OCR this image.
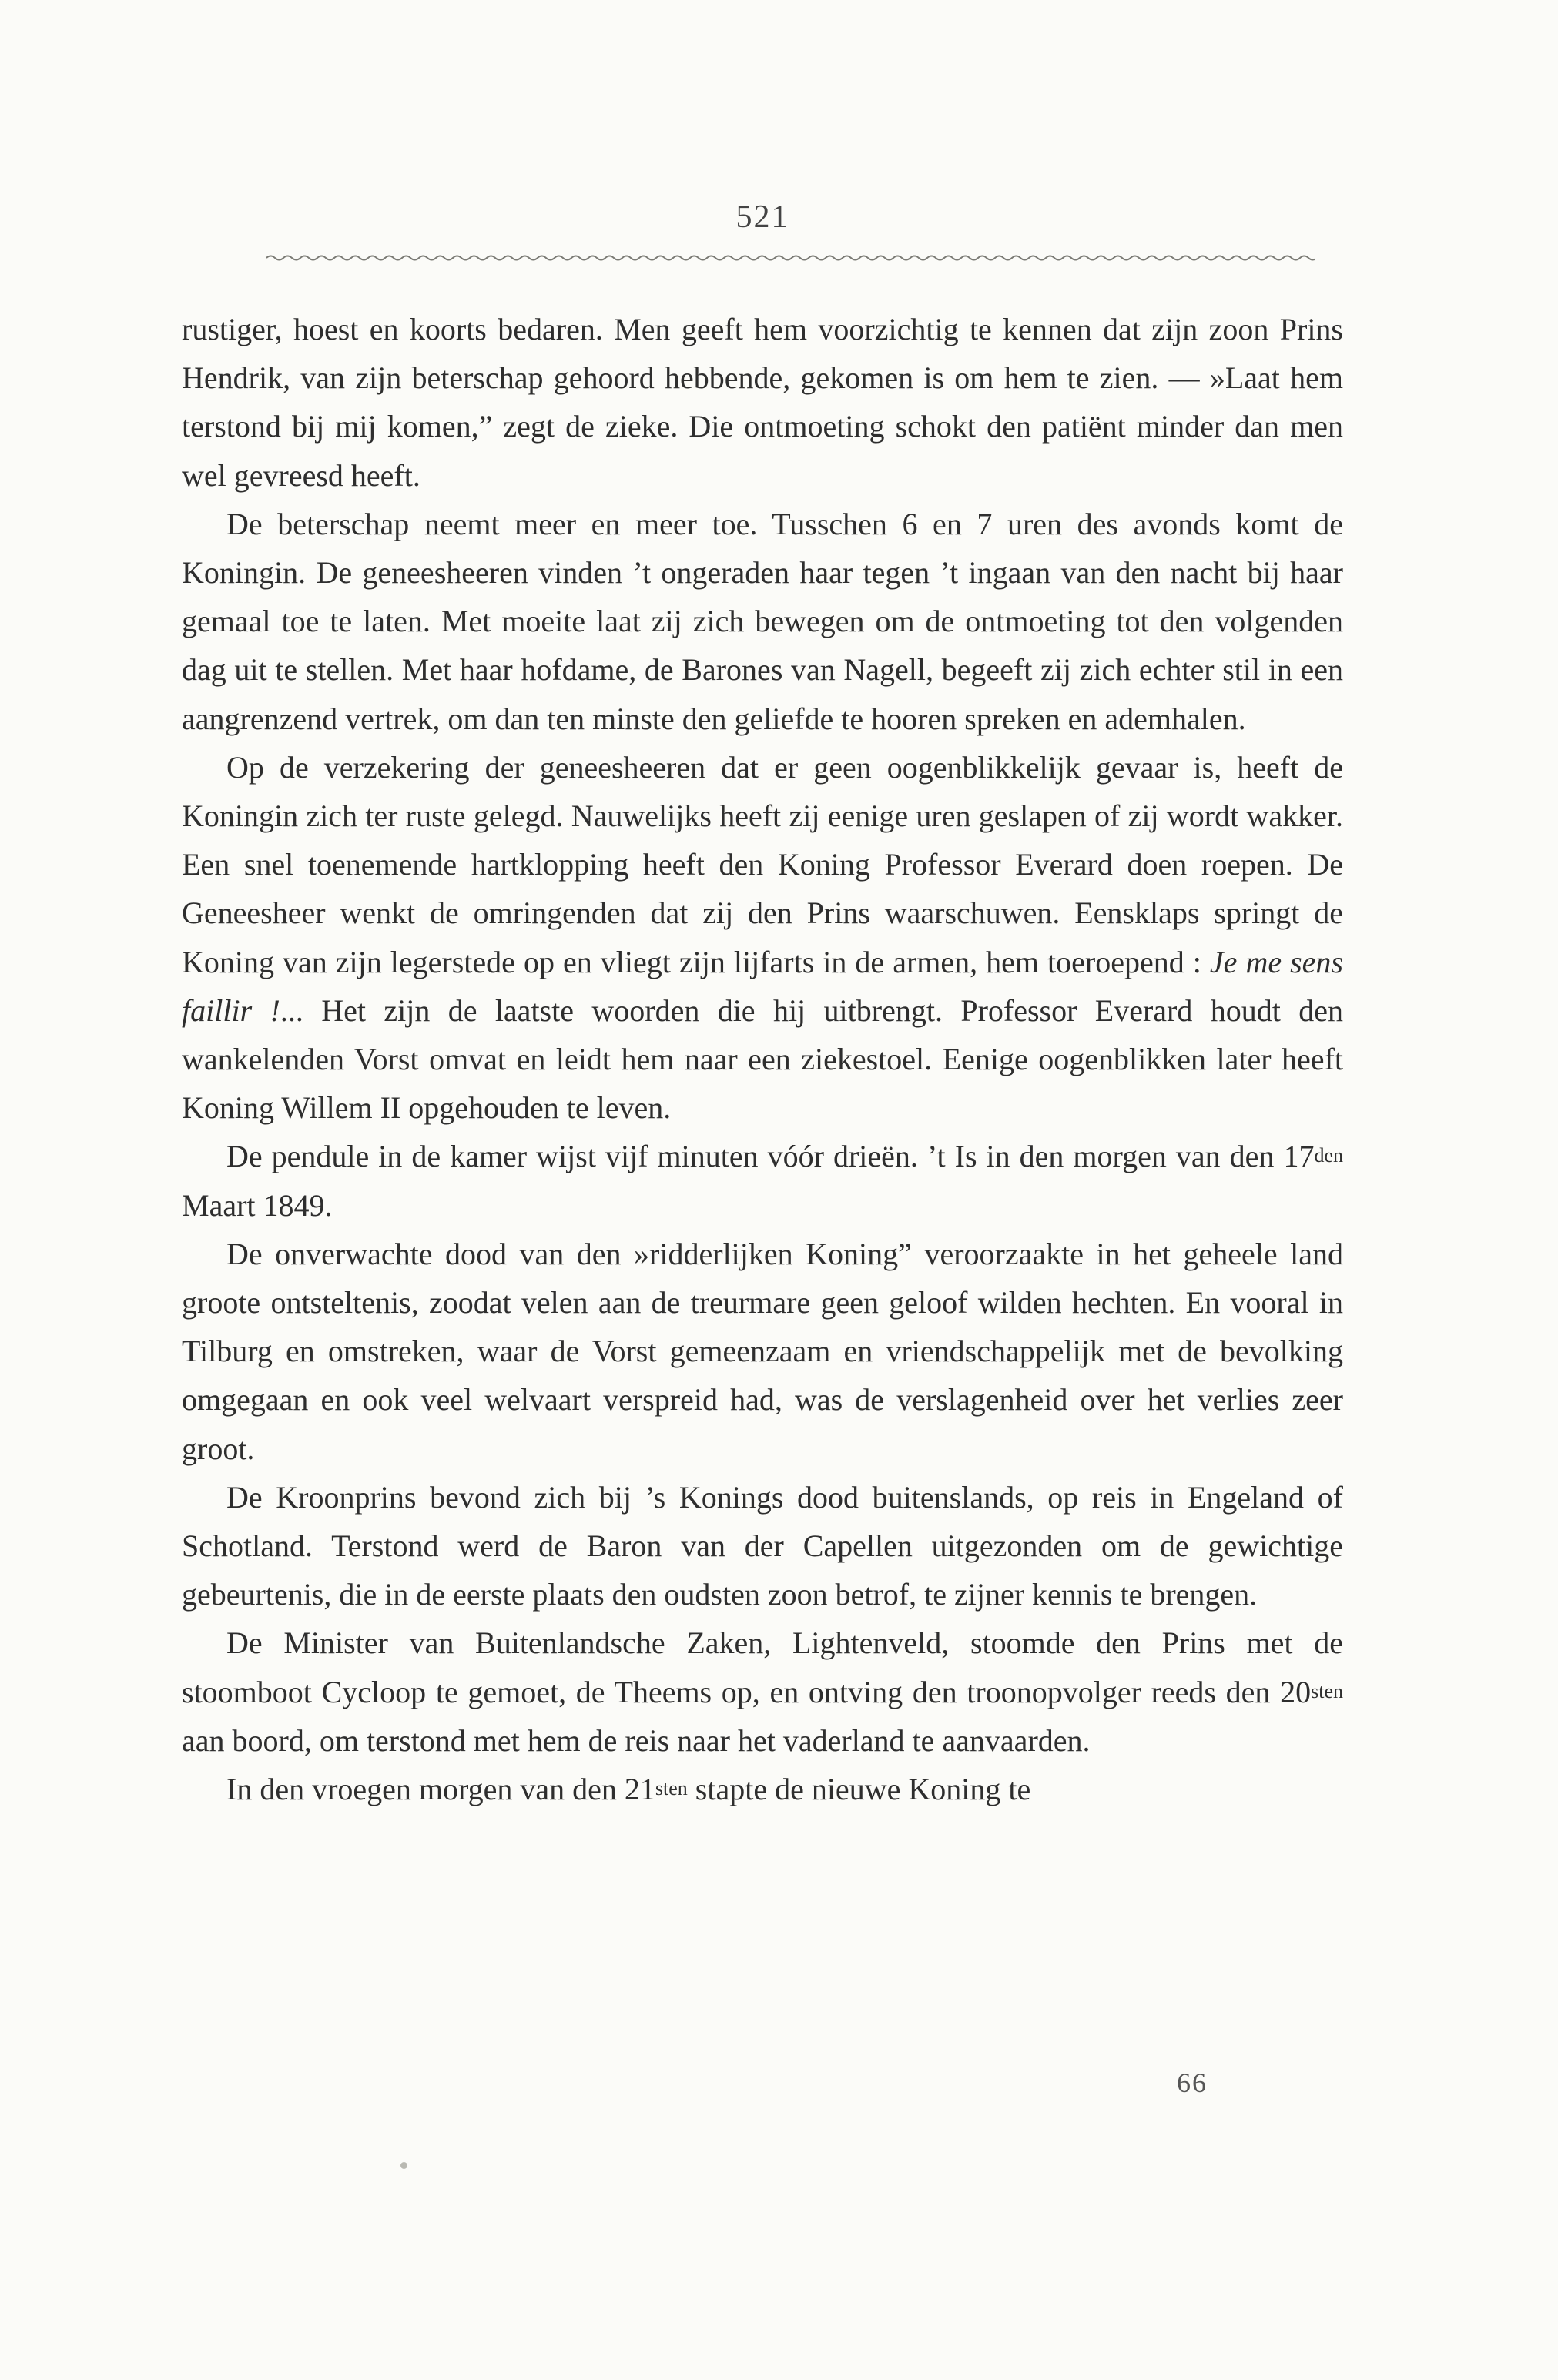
521

rustiger, hoest en koorts bedaren. Men geeft hem voorzichtig te kennen dat zijn zoon Prins Hendrik, van zijn beterschap gehoord hebbende, gekomen is om hem te zien. — »Laat hem terstond bij mij komen,” zegt de zieke. Die ontmoeting schokt den patiënt minder dan men wel gevreesd heeft.

De beterschap neemt meer en meer toe. Tusschen 6 en 7 uren des avonds komt de Koningin. De geneesheeren vinden ’t ongeraden haar tegen ’t ingaan van den nacht bij haar gemaal toe te laten. Met moeite laat zij zich bewegen om de ontmoeting tot den volgenden dag uit te stellen. Met haar hofdame, de Barones van Nagell, begeeft zij zich echter stil in een aangrenzend vertrek, om dan ten minste den geliefde te hooren spreken en ademhalen.

Op de verzekering der geneesheeren dat er geen oogenblikkelijk gevaar is, heeft de Koningin zich ter ruste gelegd. Nauwelijks heeft zij eenige uren geslapen of zij wordt wakker. Een snel toenemende hartklopping heeft den Koning Professor Everard doen roepen. De Geneesheer wenkt de omringenden dat zij den Prins waarschuwen. Eensklaps springt de Koning van zijn legerstede op en vliegt zijn lijfarts in de armen, hem toeroepend : Je me sens faillir !... Het zijn de laatste woorden die hij uitbrengt. Professor Everard houdt den wankelenden Vorst omvat en leidt hem naar een ziekestoel. Eenige oogenblikken later heeft Koning Willem II opgehouden te leven.

De pendule in de kamer wijst vijf minuten vóór drieën. ’t Is in den morgen van den $17^{den}$ Maart 1849.

De onverwachte dood van den »ridderlijken Koning” veroorzaakte in het geheele land groote ontsteltenis, zoodat velen aan de treurmare geen geloof wilden hechten. En vooral in Tilburg en omstreken, waar de Vorst gemeenzaam en vriendschappelijk met de bevolking omgegaan en ook veel welvaart verspreid had, was de verslagenheid over het verlies zeer groot.

De Kroonprins bevond zich bij ’s Konings dood buitenslands, op reis in Engeland of Schotland. Terstond werd de Baron van der Capellen uitgezonden om de gewichtige gebeurtenis, die in de eerste plaats den oudsten zoon betrof, te zijner kennis te brengen.

De Minister van Buitenlandsche Zaken, Lightenveld, stoomde den Prins met de stoomboot Cycloop te gemoet, de Theems op, en ontving den troonopvolger reeds den $20^{sten}$ aan boord, om terstond met hem de reis naar het vaderland te aanvaarden.

In den vroegen morgen van den $21^{sten}$ stapte de nieuwe Koning te

66
